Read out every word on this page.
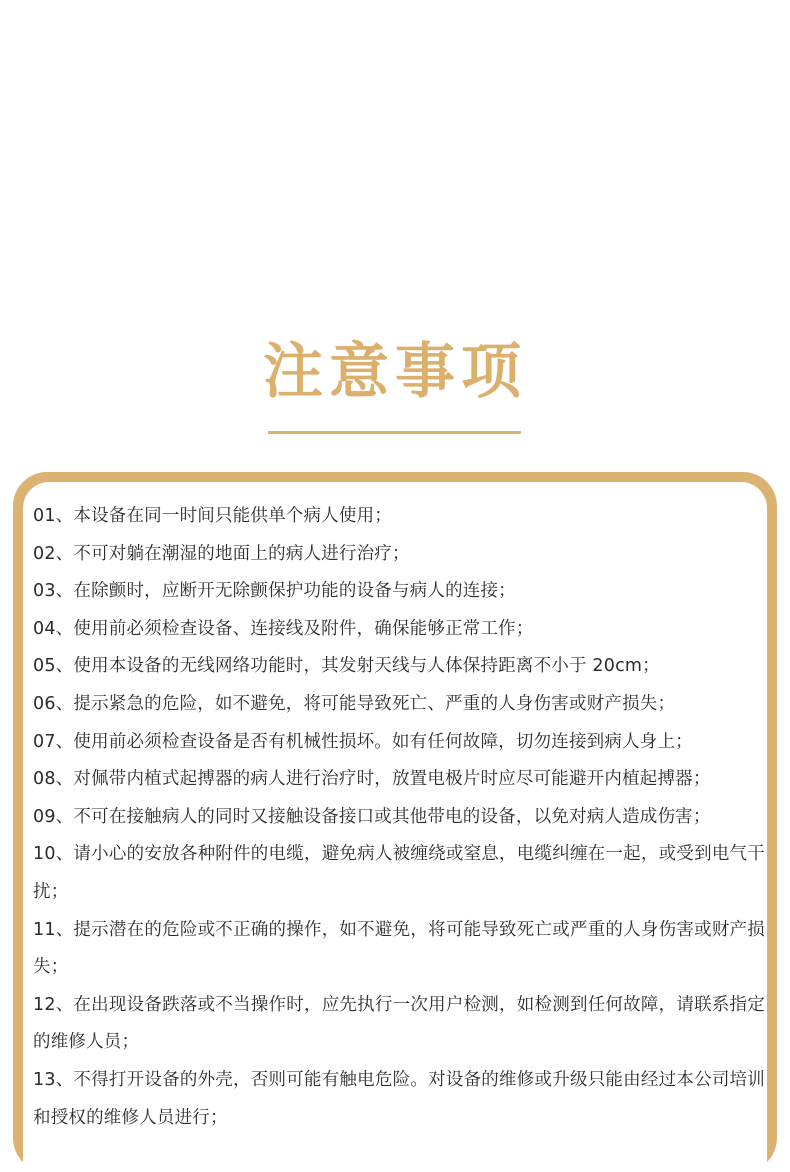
注意事项
01、本设备在同一时间只能供单个病人使用；
02、不可对躺在潮湿的地面上的病人进行治疗；
03、在除颤时，应断开无除颤保护功能的设备与病人的连接；
04、使用前必须检查设备、连接线及附件，确保能够正常工作；
05、使用本设备的无线网络功能时，其发射天线与人体保持距离不小于 20cm；
06、提示紧急的危险，如不避免，将可能导致死亡、严重的人身伤害或财产损失；
07、使用前必须检查设备是否有机械性损坏。如有任何故障，切勿连接到病人身上；
08、对佩带内植式起搏器的病人进行治疗时，放置电极片时应尽可能避开内植起搏器；
09、不可在接触病人的同时又接触设备接口或其他带电的设备，以免对病人造成伤害；
10、请小心的安放各种附件的电缆，避免病人被缠绕或窒息，电缆纠缠在一起，或受到电气干扰；
11、提示潜在的危险或不正确的操作，如不避免，将可能导致死亡或严重的人身伤害或财产损失；
12、在出现设备跌落或不当操作时，应先执行一次用户检测，如检测到任何故障，请联系指定的维修人员；
13、不得打开设备的外壳，否则可能有触电危险。对设备的维修或升级只能由经过本公司培训和授权的维修人员进行；
